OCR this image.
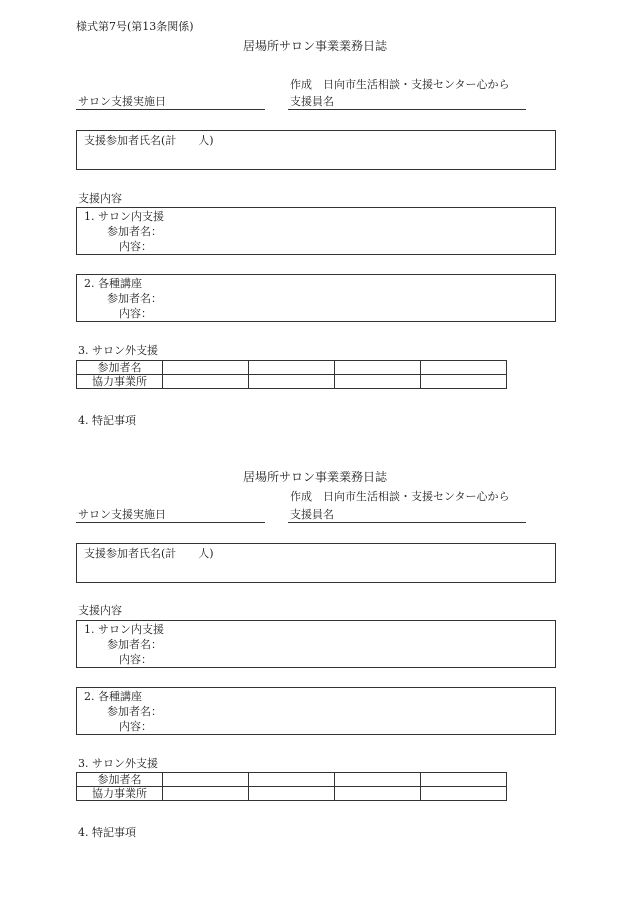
様式第7号(第13条関係)
居場所サロン事業業務日誌
作成　日向市生活相談・支援センター心から
サロン支援実施日	支援員名
支援参加者氏名(計　　人)
支援内容
1. サロン内支援
参加者名：
内容：
2. 各種講座
参加者名：
内容：
3. サロン外支援
参加者名				
協力事業所				
4. 特記事項
居場所サロン事業業務日誌
作成　日向市生活相談・支援センター心から
サロン支援実施日	支援員名
支援参加者氏名(計　　人)
支援内容
1. サロン内支援
参加者名：
内容：
2. 各種講座
参加者名：
内容：
3. サロン外支援
参加者名				
協力事業所				
4. 特記事項
